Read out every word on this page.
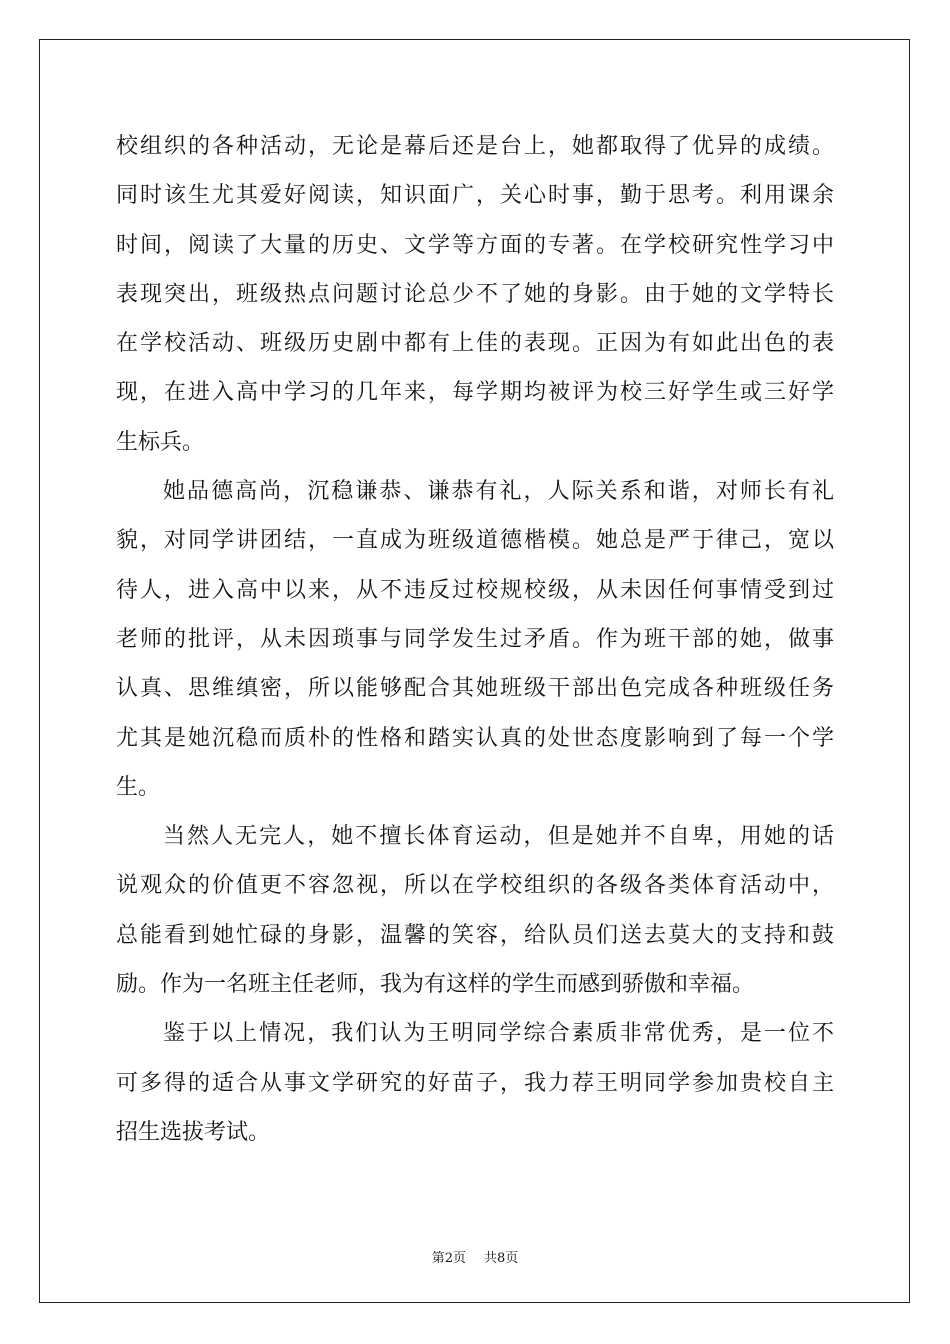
校组织的各种活动，无论是幕后还是台上，她都取得了优异的成绩。
同时该生尤其爱好阅读，知识面广，关心时事，勤于思考。利用课余
时间，阅读了大量的历史、文学等方面的专著。在学校研究性学习中
表现突出，班级热点问题讨论总少不了她的身影。由于她的文学特长
在学校活动、班级历史剧中都有上佳的表现。正因为有如此出色的表
现，在进入高中学习的几年来，每学期均被评为校三好学生或三好学
生标兵。
她品德高尚，沉稳谦恭、谦恭有礼，人际关系和谐，对师长有礼
貌，对同学讲团结，一直成为班级道德楷模。她总是严于律己，宽以
待人，进入高中以来，从不违反过校规校级，从未因任何事情受到过
老师的批评，从未因琐事与同学发生过矛盾。作为班干部的她，做事
认真、思维缜密，所以能够配合其她班级干部出色完成各种班级任务
尤其是她沉稳而质朴的性格和踏实认真的处世态度影响到了每一个学
生。
当然人无完人，她不擅长体育运动，但是她并不自卑，用她的话
说观众的价值更不容忽视，所以在学校组织的各级各类体育活动中，
总能看到她忙碌的身影，温馨的笑容，给队员们送去莫大的支持和鼓
励。作为一名班主任老师，我为有这样的学生而感到骄傲和幸福。
鉴于以上情况，我们认为王明同学综合素质非常优秀，是一位不
可多得的适合从事文学研究的好苗子，我力荐王明同学参加贵校自主
招生选拔考试。
第2页 共8页
